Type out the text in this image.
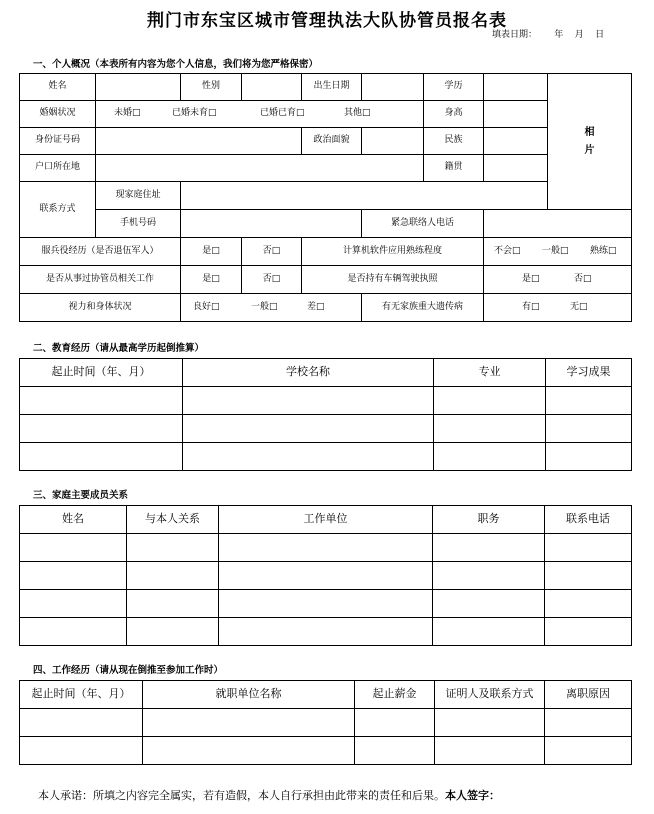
荆门市东宝区城市管理执法大队协管员报名表
填表日期： 年 月 日
一、个人概况（本表所有内容为您个人信息，我们将为您严格保密）
姓名		性别		出生日期		学历		相
片
婚姻状况	未婚□ 已婚未育□ 已婚已育□ 其他□					身高		
身份证号码				政治面貌		民族		
户口所在地						籍贯		
联系方式	现家庭住址							
	手机号码				紧急联络人电话			
服兵役经历（是否退伍军人）		是□	否□	计算机软件应用熟练程度			不会□ 一般□ 熟练□	
是否从事过协管员相关工作		是□	否□	是否持有车辆驾驶执照			是□ 否□	
视力和身体状况		良好□ 一般□ 差□			有无家族重大遗传病		有□ 无□	
二、教育经历（请从最高学历起倒推算）
起止时间（年、月）	学校名称	专业	学习成果

三、家庭主要成员关系
姓名	与本人关系	工作单位	职务	联系电话

四、工作经历（请从现在倒推至参加工作时）
起止时间（年、月）	就职单位名称	起止薪金	证明人及联系方式	离职原因

本人承诺：所填之内容完全属实，若有造假，本人自行承担由此带来的责任和后果。本人签字：
